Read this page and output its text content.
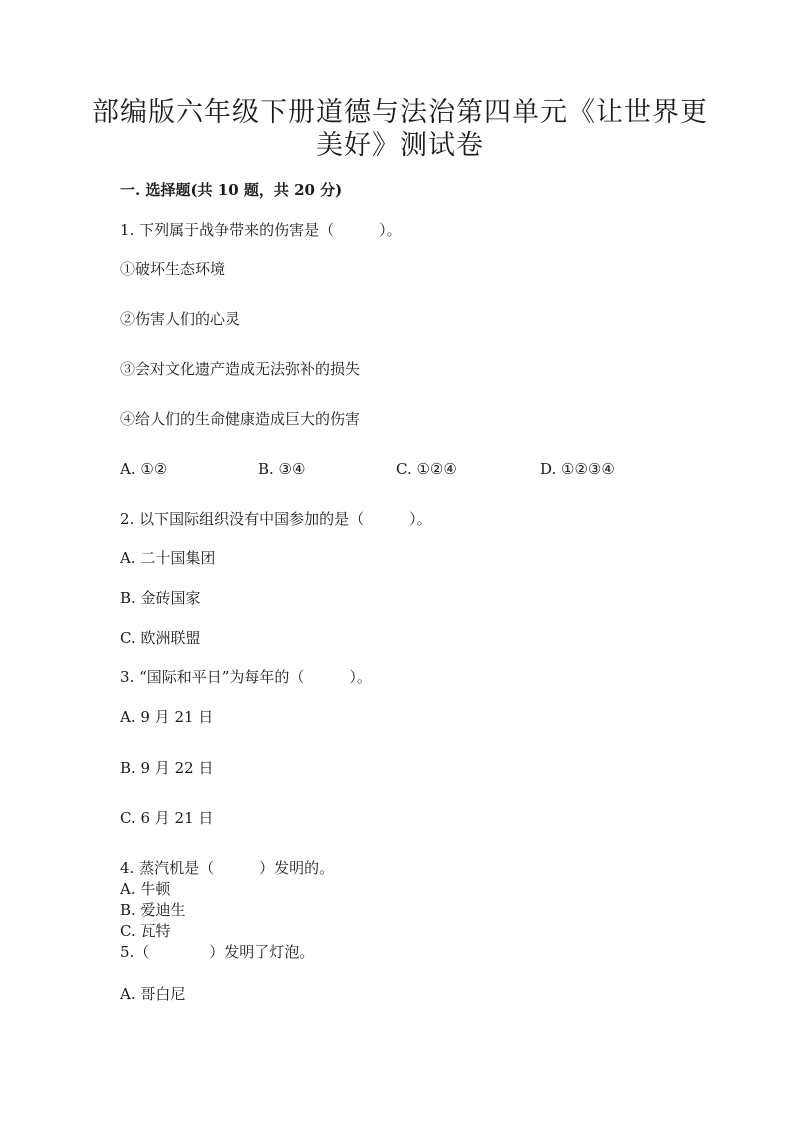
部编版六年级下册道德与法治第四单元《让世界更
美好》测试卷
一. 选择题(共 10 题，共 20 分)
1. 下列属于战争带来的伤害是（　　　）。
①破坏生态环境
②伤害人们的心灵
③会对文化遗产造成无法弥补的损失
④给人们的生命健康造成巨大的伤害
A. ①②	B. ③④	C. ①②④	D. ①②③④
2. 以下国际组织没有中国参加的是（　　　）。
A. 二十国集团
B. 金砖国家
C. 欧洲联盟
3. “国际和平日”为每年的（　　　）。
A. 9 月 21 日
B. 9 月 22 日
C. 6 月 21 日
4. 蒸汽机是（　　　）发明的。
A. 牛顿
B. 爱迪生
C. 瓦特
5.（　　　　）发明了灯泡。
A. 哥白尼
